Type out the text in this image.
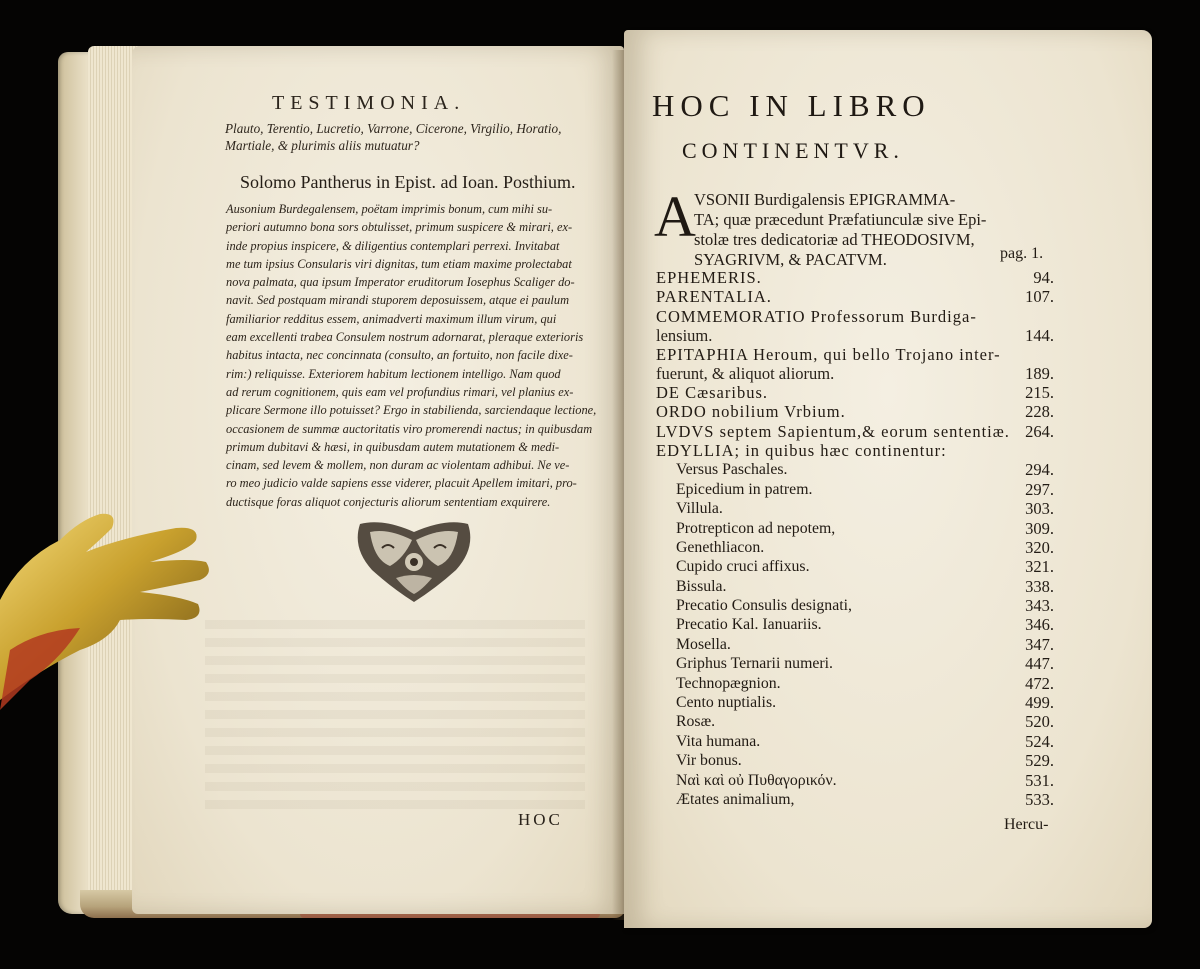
TESTIMONIA.
Plauto, Terentio, Lucretio, Varrone, Cicerone, Virgilio, Horatio,
Martiale, & plurimis aliis mutuatur?
Solomo Pantherus in Epist. ad Ioan. Posthium.
Ausonium Burdegalensem, poëtam imprimis bonum, cum mihi su-
periori autumno bona sors obtulisset, primum suspicere & mirari, ex-
inde propius inspicere, & diligentius contemplari perrexi. Invitabat
me tum ipsius Consularis viri dignitas, tum etiam maxime prolectabat
nova palmata, qua ipsum Imperator eruditorum Iosephus Scaliger do-
navit. Sed postquam mirandi stuporem deposuissem, atque ei paulum
familiarior redditus essem, animadverti maximum illum virum, qui
eam excellenti trabea Consulem nostrum adornarat, pleraque exterioris
habitus intacta, nec concinnata (consulto, an fortuito, non facile dixe-
rim:) reliquisse. Exteriorem habitum lectionem intelligo. Nam quod
ad rerum cognitionem, quis eam vel profundius rimari, vel planius ex-
plicare Sermone illo potuisset? Ergo in stabilienda, sarciendaque lectione,
occasionem de summæ auctoritatis viro promerendi nactus; in quibusdam
primum dubitavi & hæsi, in quibusdam autem mutationem & medi-
cinam, sed levem & mollem, non duram ac violentam adhibui. Ne ve-
ro meo judicio valde sapiens esse viderer, placuit Apellem imitari, pro-
ductisque foras aliquot conjecturis aliorum sententiam exquirere.
HOC
HOC IN LIBRO
CONTINENTVR.
A
VSONII Burdigalensis EPIGRAMMA-
TA; quæ præcedunt Præfatiunculæ sive Epi-
stolæ tres dedicatoriæ ad THEODOSIVM,
SYAGRIVM, & PACATVM.	pag. 1.
EPHEMERIS.	94.
PARENTALIA.	107.
COMMEMORATIO Professorum Burdiga-
lensium.	144.
EPITAPHIA Heroum, qui bello Trojano inter-
fuerunt, & aliquot aliorum.	189.
DE Cæsaribus.	215.
ORDO nobilium Vrbium.	228.
LVDVS septem Sapientum,& eorum sententiæ. 264.
EDYLLIA; in quibus hæc continentur:
Versus Paschales.	294.
Epicedium in patrem.	297.
Villula.	303.
Protrepticon ad nepotem,	309.
Genethliacon.	320.
Cupido cruci affixus.	321.
Bissula.	338.
Precatio Consulis designati,	343.
Precatio Kal. Ianuariis.	346.
Mosella.	347.
Griphus Ternarii numeri.	447.
Technopægnion.	472.
Cento nuptialis.	499.
Rosæ.	520.
Vita humana.	524.
Vir bonus.	529.
Ναὶ καὶ οὐ Πυθαγορικόν.	531.
Ætates animalium,	533.
Hercu-
